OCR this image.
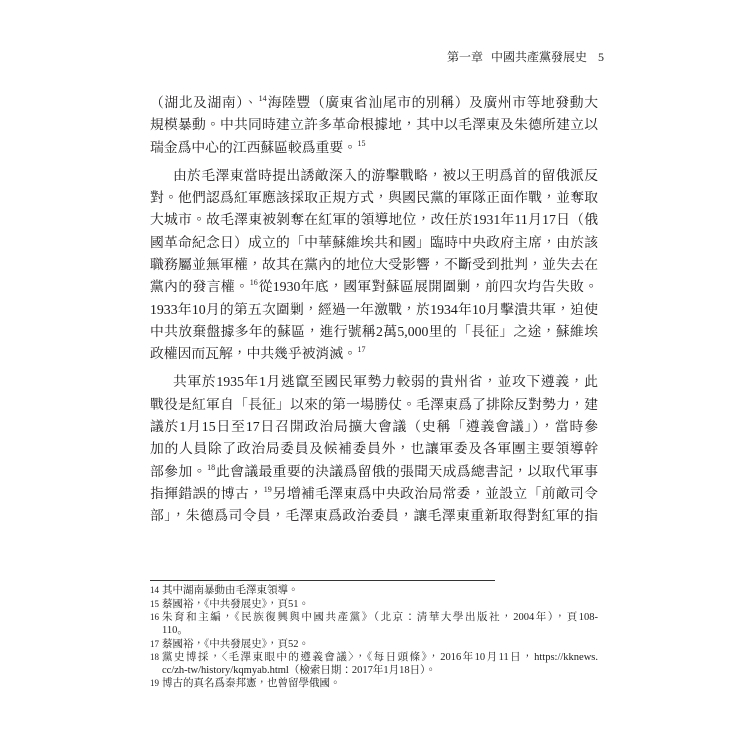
第一章 中國共產黨發展史 5
（湖北及湖南）、$^{14}$海陸豐（廣東省汕尾市的別稱）及廣州市等地發動大
規模暴動。中共同時建立許多革命根據地，其中以毛澤東及朱德所建立以
瑞金爲中心的江西蘇區較爲重要。$^{15}$
由於毛澤東當時提出誘敵深入的游擊戰略，被以王明爲首的留俄派反
對。他們認爲紅軍應該採取正規方式，與國民黨的軍隊正面作戰，並奪取
大城市。故毛澤東被剝奪在紅軍的領導地位，改任於1931年11月17日（俄
國革命紀念日）成立的「中華蘇維埃共和國」臨時中央政府主席，由於該
職務屬並無軍權，故其在黨內的地位大受影響，不斷受到批判，並失去在
黨內的發言權。$^{16}$從1930年底，國軍對蘇區展開圍剿，前四次均告失敗。
1933年10月的第五次圍剿，經過一年激戰，於1934年10月擊潰共軍，迫使
中共放棄盤據多年的蘇區，進行號稱2萬5,000里的「長征」之途，蘇維埃
政權因而瓦解，中共幾乎被消滅。$^{17}$
共軍於1935年1月逃竄至國民軍勢力較弱的貴州省，並攻下遵義，此
戰役是紅軍自「長征」以來的第一場勝仗。毛澤東爲了排除反對勢力，建
議於1月15日至17日召開政治局擴大會議（史稱「遵義會議」），當時參
加的人員除了政治局委員及候補委員外，也讓軍委及各軍團主要領導幹
部參加。$^{18}$此會議最重要的決議爲留俄的張聞天成爲總書記，以取代軍事
指揮錯誤的博古，$^{19}$另增補毛澤東爲中央政治局常委，並設立「前敵司令
部」，朱德爲司令員，毛澤東爲政治委員，讓毛澤東重新取得對紅軍的指
14 其中湖南暴動由毛澤東領導。
15 蔡國裕，《中共發展史》，頁51。
16 朱育和主編，《民族復興與中國共產黨》（北京：清華大學出版社，2004年），頁108-
110。
17 蔡國裕，《中共發展史》，頁52。
18 黨史博採，〈毛澤東眼中的遵義會議〉，《每日頭條》，2016年10月11日，https://kknews.
cc/zh-tw/history/kqmyab.html（檢索日期：2017年1月18日）。
19 博古的真名爲秦邦憲，也曾留學俄國。
